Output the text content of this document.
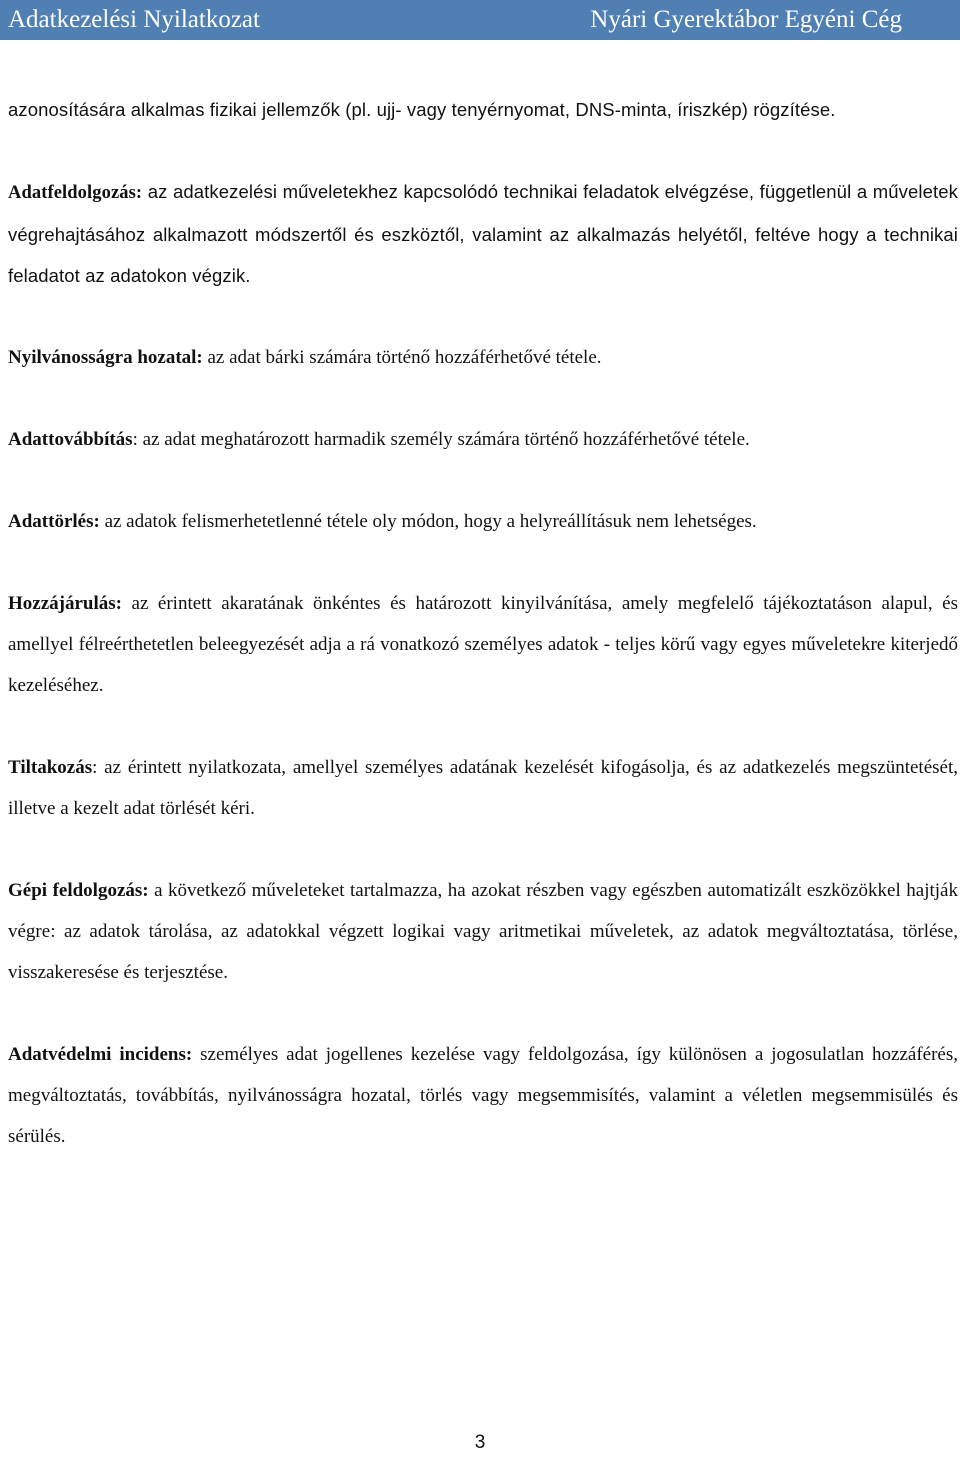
Adatkezelési Nyilatkozat	Nyári Gyerektábor Egyéni Cég

azonosítására alkalmas fizikai jellemzők (pl. ujj- vagy tenyérnyomat, DNS-minta, íriszkép) rögzítése.

Adatfeldolgozás: az adatkezelési műveletekhez kapcsolódó technikai feladatok elvégzése, függetlenül a műveletek végrehajtásához alkalmazott módszertől és eszköztől, valamint az alkalmazás helyétől, feltéve hogy a technikai feladatot az adatokon végzik.

Nyilvánosságra hozatal: az adat bárki számára történő hozzáférhetővé tétele.

Adattovábbítás: az adat meghatározott harmadik személy számára történő hozzáférhetővé tétele.

Adattörlés: az adatok felismerhetetlenné tétele oly módon, hogy a helyreállításuk nem lehetséges.

Hozzájárulás: az érintett akaratának önkéntes és határozott kinyilvánítása, amely megfelelő tájékoztatáson alapul, és amellyel félreérthetetlen beleegyezését adja a rá vonatkozó személyes adatok - teljes körű vagy egyes műveletekre kiterjedő kezeléséhez.

Tiltakozás: az érintett nyilatkozata, amellyel személyes adatának kezelését kifogásolja, és az adatkezelés megszüntetését, illetve a kezelt adat törlését kéri.

Gépi feldolgozás: a következő műveleteket tartalmazza, ha azokat részben vagy egészben automatizált eszközökkel hajtják végre: az adatok tárolása, az adatokkal végzett logikai vagy aritmetikai műveletek, az adatok megváltoztatása, törlése, visszakeresése és terjesztése.

Adatvédelmi incidens: személyes adat jogellenes kezelése vagy feldolgozása, így különösen a jogosulatlan hozzáférés, megváltoztatás, továbbítás, nyilvánosságra hozatal, törlés vagy megsemmisítés, valamint a véletlen megsemmisülés és sérülés.

3
